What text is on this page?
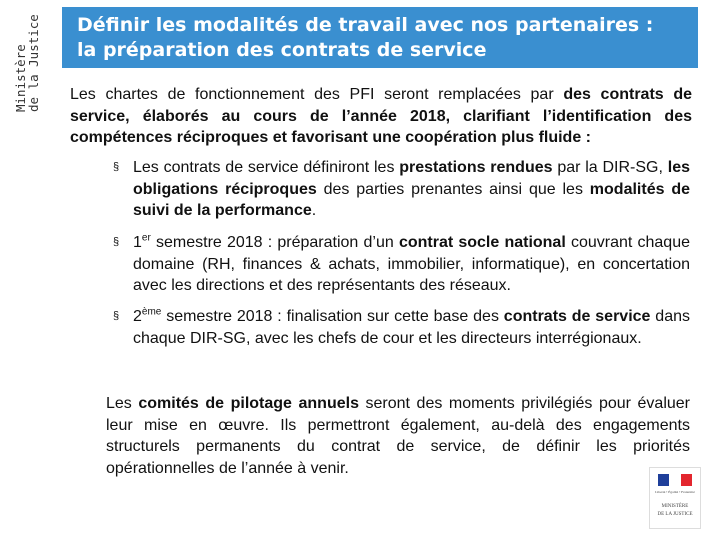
Ministère
de la Justice Définir les modalités de travail avec nos partenaires :
la préparation des contrats de service
Les chartes de fonctionnement des PFI seront remplacées par des contrats de service, élaborés au cours de l’année 2018, clarifiant l’identification des compétences réciproques et favorisant une coopération plus fluide :
§ Les contrats de service définiront les prestations rendues par la DIR-SG, les obligations réciproques des parties prenantes ainsi que les modalités de suivi de la performance.
§ 1er semestre 2018 : préparation d’un contrat socle national couvrant chaque domaine (RH, finances & achats, immobilier, informatique), en concertation avec les directions et des représentants des réseaux.
§ 2ème semestre 2018 : finalisation sur cette base des contrats de service dans chaque DIR-SG, avec les chefs de cour et les directeurs interrégionaux.
Les comités de pilotage annuels seront des moments privilégiés pour évaluer leur mise en œuvre. Ils permettront également, au-delà des engagements structurels permanents du contrat de service, de définir les priorités opérationnelles de l’année à venir.
Liberté • Égalité • Fraternité
MINISTÈRE
DE LA JUSTICE
